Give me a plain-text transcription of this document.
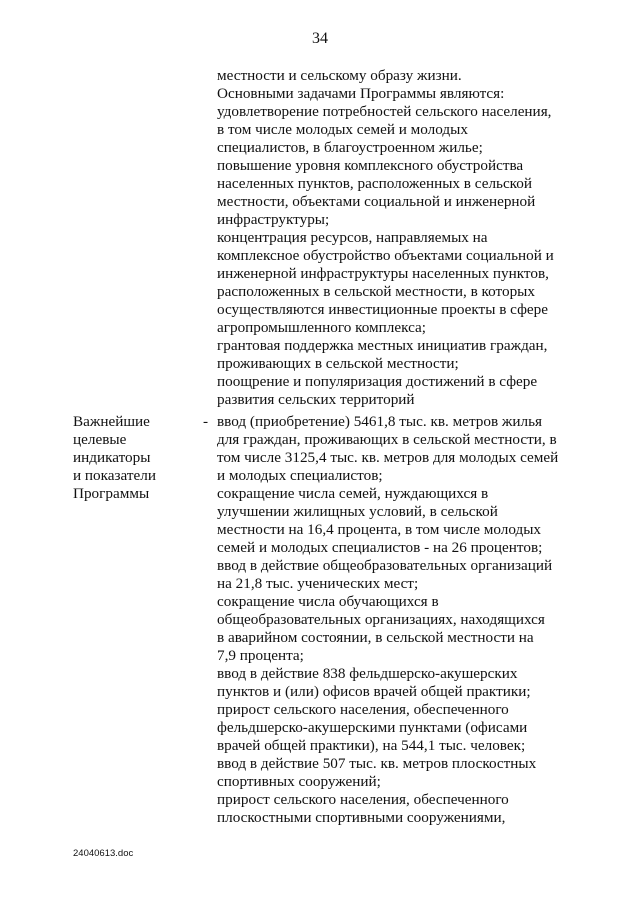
34
местности и сельскому образу жизни.
Основными задачами Программы являются:
удовлетворение потребностей сельского населения,
в том числе молодых семей и молодых
специалистов, в благоустроенном жилье;
повышение уровня комплексного обустройства
населенных пунктов, расположенных в сельской
местности, объектами социальной и инженерной
инфраструктуры;
концентрация ресурсов, направляемых на
комплексное обустройство объектами социальной и
инженерной инфраструктуры населенных пунктов,
расположенных в сельской местности, в которых
осуществляются инвестиционные проекты в сфере
агропромышленного комплекса;
грантовая поддержка местных инициатив граждан,
проживающих в сельской местности;
поощрение и популяризация достижений в сфере
развития сельских территорий
Важнейшие
целевые
индикаторы
и показатели
Программы
- ввод (приобретение) 5461,8 тыс. кв. метров жилья
для граждан, проживающих в сельской местности, в
том числе 3125,4 тыс. кв. метров для молодых семей
и молодых специалистов;
сокращение числа семей, нуждающихся в
улучшении жилищных условий, в сельской
местности на 16,4 процента, в том числе молодых
семей и молодых специалистов - на 26 процентов;
ввод в действие общеобразовательных организаций
на 21,8 тыс. ученических мест;
сокращение числа обучающихся в
общеобразовательных организациях, находящихся
в аварийном состоянии, в сельской местности на
7,9 процента;
ввод в действие 838 фельдшерско-акушерских
пунктов и (или) офисов врачей общей практики;
прирост сельского населения, обеспеченного
фельдшерско-акушерскими пунктами (офисами
врачей общей практики), на 544,1 тыс. человек;
ввод в действие 507 тыс. кв. метров плоскостных
спортивных сооружений;
прирост сельского населения, обеспеченного
плоскостными спортивными сооружениями,
24040613.doc
